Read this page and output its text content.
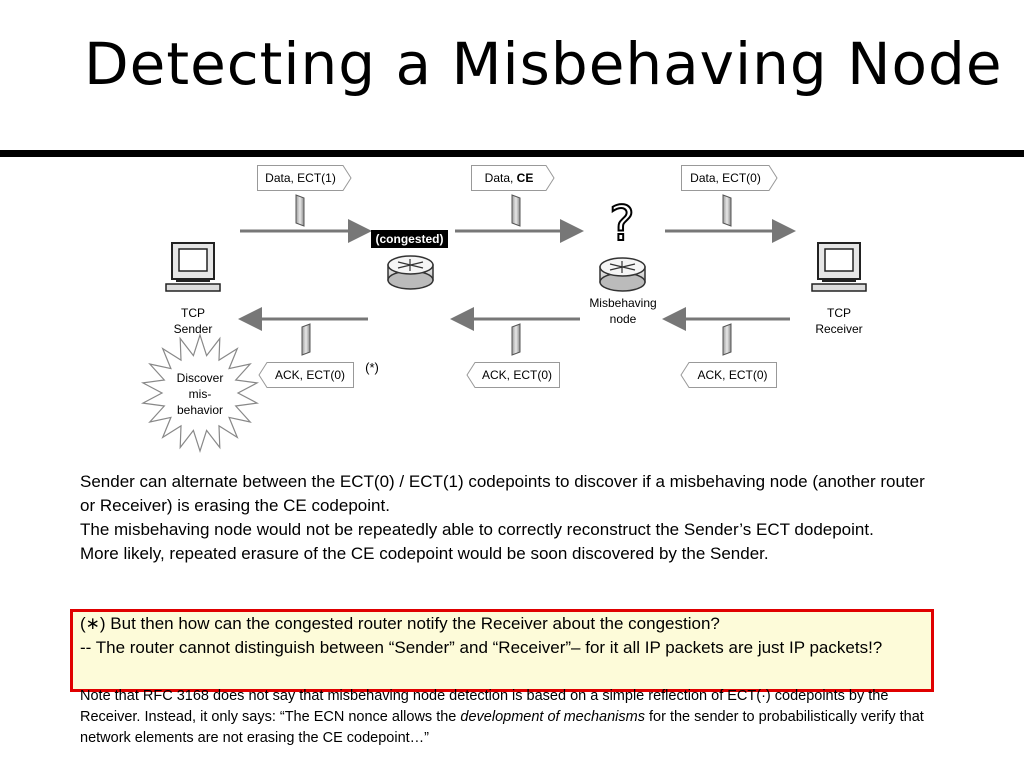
Detecting a Misbehaving Node
?
Data, ECT(1)	Data, CE	Data, ECT(0)
ACK, ECT(0)	ACK, ECT(0)	ACK, ECT(0)
(congested)
(*)
TCP
Sender
TCP
Receiver
Misbehaving
node
Discover
mis-
behavior

Sender can alternate between the ECT(0) / ECT(1) codepoints to discover if a misbehaving node (another router or Receiver) is erasing the CE codepoint.

The misbehaving node would not be repeatedly able to correctly reconstruct the Sender’s ECT dodepoint.

More likely, repeated erasure of the CE codepoint would be soon discovered by the Sender.

(∗) But then how can the congested router notify the Receiver about the congestion?

-- The router cannot distinguish between “Sender” and “Receiver”– for it all IP packets are just IP packets!?

Note that RFC 3168 does not say that misbehaving node detection is based on a simple reflection of ECT(·) codepoints by the Receiver. Instead, it only says: “The ECN nonce allows the development of mechanisms for the sender to probabilistically verify that network elements are not erasing the CE codepoint…”
